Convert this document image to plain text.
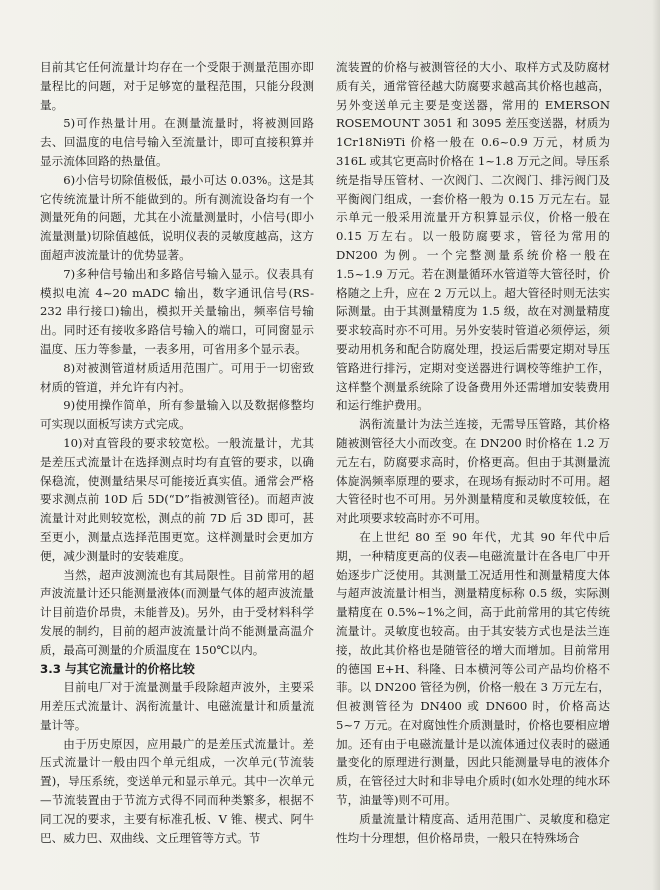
目前其它任何流量计均存在一个受限于测量范围亦即量程比的问题，对于足够宽的量程范围，只能分段测量。

5)可作热量计用。在测量流量时，将被测回路去、回温度的电信号输入至流量计，即可直接积算并显示流体回路的热量值。

6)小信号切除值极低，最小可达 0.03%。这是其它传统流量计所不能做到的。所有测流设备均有一个测量死角的问题，尤其在小流量测量时，小信号(即小流量测量)切除值越低，说明仪表的灵敏度越高，这方面超声波流量计的优势显著。

7)多种信号输出和多路信号输入显示。仪表具有模拟电流 4~20 mADC 输出，数字通讯信号(RS-232 串行接口)输出，模拟开关量输出，频率信号输出。同时还有接收多路信号输入的端口，可同窗显示温度、压力等参量，一表多用，可省用多个显示表。

8)对被测管道材质适用范围广。可用于一切密致材质的管道，并允许有内衬。

9)使用操作简单，所有参量输入以及数据修整均可实现以面板写读方式完成。

10)对直管段的要求较宽松。一般流量计，尤其是差压式流量计在选择测点时均有直管的要求，以确保稳流，使测量结果尽可能接近真实值。通常会严格要求测点前 10D 后 5D(“D”指被测管径)。而超声波流量计对此则较宽松，测点的前 7D 后 3D 即可，甚至更小，测量点选择范围更宽。这样测量时会更加方便，减少测量时的安装难度。

当然，超声波测流也有其局限性。目前常用的超声波流量计还只能测量液体(而测量气体的超声波流量计目前造价昂贵，未能普及)。另外，由于受材料科学发展的制约，目前的超声波流量计尚不能测量高温介质，最高可测量的介质温度在 150℃以内。

3.3 与其它流量计的价格比较

目前电厂对于流量测量手段除超声波外，主要采用差压式流量计、涡衔流量计、电磁流量计和质量流量计等。

由于历史原因，应用最广的是差压式流量计。差压式流量计一般由四个单元组成，一次单元(节流装置)，导压系统，变送单元和显示单元。其中一次单元—节流装置由于节流方式得不同而种类繁多，根据不同工况的要求，主要有标准孔板、V 锥、楔式、阿牛巴、威力巴、双曲线、文丘理管等方式。节

流装置的价格与被测管径的大小、取样方式及防腐材质有关，通常管径越大防腐要求越高其价格也越高，另外变送单元主要是变送器，常用的 EMERSON ROSEMOUNT 3051 和 3095 差压变送器，材质为 1Cr18Ni9Ti 价格一般在 0.6~0.9 万元，材质为 316L 或其它更高时价格在 1~1.8 万元之间。导压系统是指导压管材、一次阀门、二次阀门、排污阀门及平衡阀门组成，一套价格一般为 0.15 万元左右。显示单元一般采用流量开方积算显示仪，价格一般在 0.15 万左右。以一般防腐要求，管径为常用的 DN200 为例。一个完整测量系统价格一般在 1.5~1.9 万元。若在测量循环水管道等大管径时，价格随之上升，应在 2 万元以上。超大管径时则无法实际测量。由于其测量精度为 1.5 级，故在对测量精度要求较高时亦不可用。另外安装时管道必须停运，须要动用机务和配合防腐处理，投运后需要定期对导压管路进行排污，定期对变送器进行调校等维护工作，这样整个测量系统除了设备费用外还需增加安装费用和运行维护费用。

涡衔流量计为法兰连接，无需导压管路，其价格随被测管径大小而改变。在 DN200 时价格在 1.2 万元左右，防腐要求高时，价格更高。但由于其测量流体旋涡频率原理的要求，在现场有振动时不可用。超大管径时也不可用。另外测量精度和灵敏度较低，在对此项要求较高时亦不可用。

在上世纪 80 至 90 年代，尤其 90 年代中后期，一种精度更高的仪表—电磁流量计在各电厂中开始逐步广泛使用。其测量工况适用性和测量精度大体与超声波流量计相当，测量精度标称 0.5 级，实际测量精度在 0.5%~1%之间，高于此前常用的其它传统流量计。灵敏度也较高。由于其安装方式也是法兰连接，故此其价格也是随管径的增大而增加。目前常用的德国 E+H、科隆、日本横河等公司产品均价格不菲。以 DN200 管径为例，价格一般在 3 万元左右，但被测管径为 DN400 或 DN600 时，价格高达 5~7 万元。在对腐蚀性介质测量时，价格也要相应增加。还有由于电磁流量计是以流体通过仪表时的磁通量变化的原理进行测量，因此只能测量导电的液体介质，在管径过大时和非导电介质时(如水处理的纯水环节，油量等)则不可用。

质量流量计精度高、适用范围广、灵敏度和稳定性均十分理想，但价格昂贵，一般只在特殊场合
